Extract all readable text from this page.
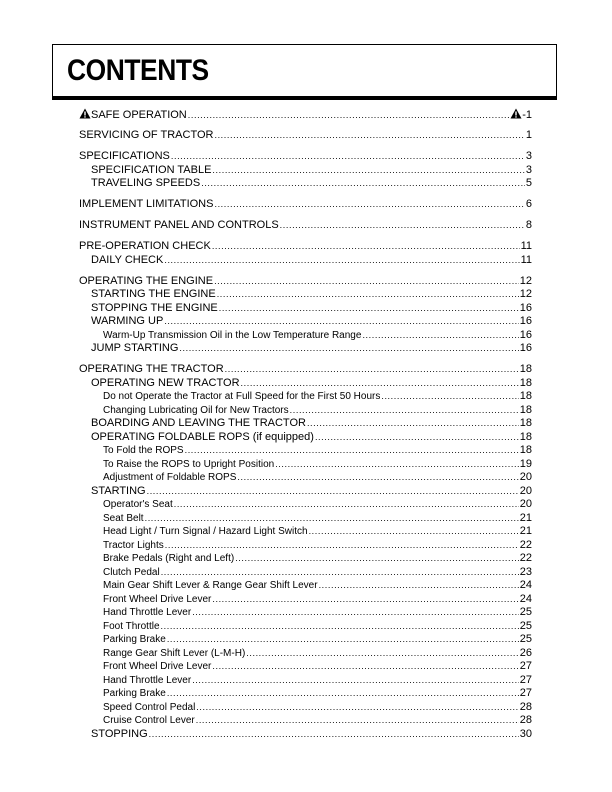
CONTENTS
SAFE OPERATION .....	-1
SERVICING OF TRACTOR .....	1
SPECIFICATIONS .....	3
SPECIFICATION TABLE .....	3
TRAVELING SPEEDS .....	5
IMPLEMENT LIMITATIONS .....	6
INSTRUMENT PANEL AND CONTROLS .....	8
PRE-OPERATION CHECK .....	11
DAILY CHECK .....	11
OPERATING THE ENGINE .....	12
STARTING THE ENGINE .....	12
STOPPING THE ENGINE .....	16
WARMING UP .....	16
Warm-Up Transmission Oil in the Low Temperature Range .....	16
JUMP STARTING .....	16
OPERATING THE TRACTOR .....	18
OPERATING NEW TRACTOR .....	18
Do not Operate the Tractor at Full Speed for the First 50 Hours .....	18
Changing Lubricating Oil for New Tractors .....	18
BOARDING AND LEAVING THE TRACTOR .....	18
OPERATING FOLDABLE ROPS (if equipped) .....	18
To Fold the ROPS .....	18
To Raise the ROPS to Upright Position .....	19
Adjustment of Foldable ROPS .....	20
STARTING .....	20
Operator's Seat .....	20
Seat Belt .....	21
Head Light / Turn Signal / Hazard Light Switch .....	21
Tractor Lights .....	22
Brake Pedals (Right and Left) .....	22
Clutch Pedal .....	23
Main Gear Shift Lever & Range Gear Shift Lever .....	24
Front Wheel Drive Lever .....	24
Hand Throttle Lever .....	25
Foot Throttle .....	25
Parking Brake .....	25
Range Gear Shift Lever (L-M-H) .....	26
Front Wheel Drive Lever .....	27
Hand Throttle Lever .....	27
Parking Brake .....	27
Speed Control Pedal .....	28
Cruise Control Lever .....	28
STOPPING .....	30
